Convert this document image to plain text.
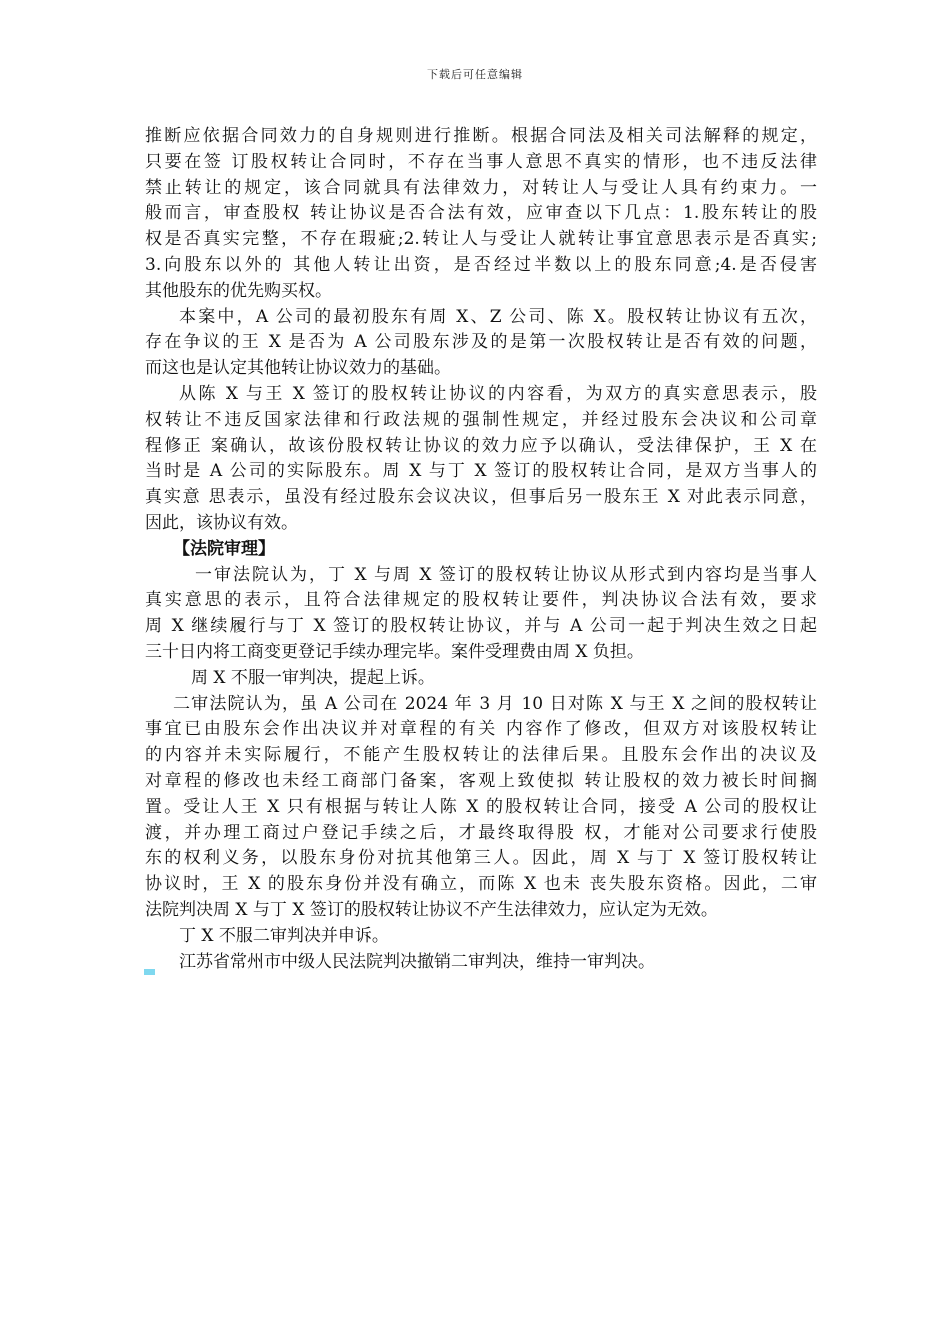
下载后可任意编辑
推断应依据合同效力的自身规则进行推断。根据合同法及相关司法解释的规定，
只要在签 订股权转让合同时，不存在当事人意思不真实的情形，也不违反法律
禁止转让的规定，该合同就具有法律效力，对转让人与受让人具有约束力。一
般而言，审查股权 转让协议是否合法有效，应审查以下几点：1.股东转让的股
权是否真实完整，不存在瑕疵;2.转让人与受让人就转让事宜意思表示是否真实;
3.向股东以外的 其他人转让出资，是否经过半数以上的股东同意;4.是否侵害
其他股东的优先购买权。
本案中，A 公司的最初股东有周 X、Z 公司、陈 X。股权转让协议有五次，
存在争议的王 X 是否为 A 公司股东涉及的是第一次股权转让是否有效的问题，
而这也是认定其他转让协议效力的基础。
从陈 X 与王 X 签订的股权转让协议的内容看，为双方的真实意思表示，股
权转让不违反国家法律和行政法规的强制性规定，并经过股东会决议和公司章
程修正 案确认，故该份股权转让协议的效力应予以确认，受法律保护，王 X 在
当时是 A 公司的实际股东。周 X 与丁 X 签订的股权转让合同，是双方当事人的
真实意 思表示，虽没有经过股东会议决议，但事后另一股东王 X 对此表示同意，
因此，该协议有效。
【法院审理】
一审法院认为，丁 X 与周 X 签订的股权转让协议从形式到内容均是当事人
真实意思的表示，且符合法律规定的股权转让要件，判决协议合法有效，要求
周 X 继续履行与丁 X 签订的股权转让协议，并与 A 公司一起于判决生效之日起
三十日内将工商变更登记手续办理完毕。案件受理费由周 X 负担。
周 X 不服一审判决，提起上诉。
二审法院认为，虽 A 公司在 2024 年 3 月 10 日对陈 X 与王 X 之间的股权转让
事宜已由股东会作出决议并对章程的有关 内容作了修改，但双方对该股权转让
的内容并未实际履行，不能产生股权转让的法律后果。且股东会作出的决议及
对章程的修改也未经工商部门备案，客观上致使拟 转让股权的效力被长时间搁
置。受让人王 X 只有根据与转让人陈 X 的股权转让合同，接受 A 公司的股权让
渡，并办理工商过户登记手续之后，才最终取得股 权，才能对公司要求行使股
东的权利义务，以股东身份对抗其他第三人。因此，周 X 与丁 X 签订股权转让
协议时，王 X 的股东身份并没有确立，而陈 X 也未 丧失股东资格。因此，二审
法院判决周 X 与丁 X 签订的股权转让协议不产生法律效力，应认定为无效。
丁 X 不服二审判决并申诉。
江苏省常州市中级人民法院判决撤销二审判决，维持一审判决。
